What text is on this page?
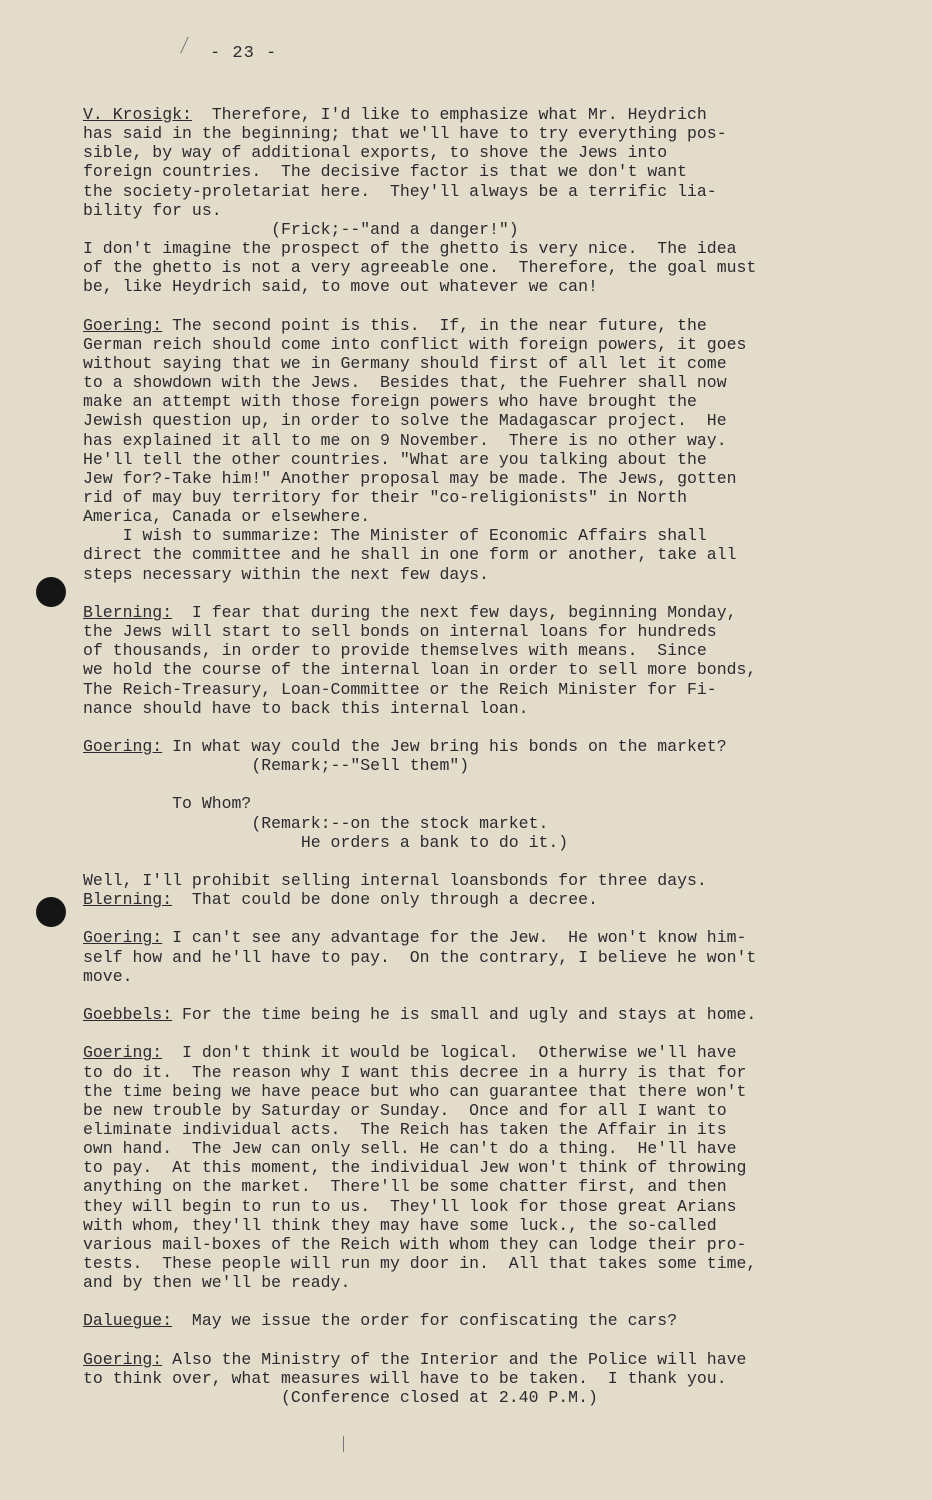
- 23 -
V. Krosigk:  Therefore, I'd like to emphasize what Mr. Heydrich
has said in the beginning; that we'll have to try everything pos-
sible, by way of additional exports, to shove the Jews into
foreign countries.  The decisive factor is that we don't want
the society-proletariat here.  They'll always be a terrific lia-
bility for us.
(Frick;--"and a danger!")
I don't imagine the prospect of the ghetto is very nice.  The idea
of the ghetto is not a very agreeable one.  Therefore, the goal must
be, like Heydrich said, to move out whatever we can!
Goering: The second point is this.  If, in the near future, the
German reich should come into conflict with foreign powers, it goes
without saying that we in Germany should first of all let it come
to a showdown with the Jews.  Besides that, the Fuehrer shall now
make an attempt with those foreign powers who have brought the
Jewish question up, in order to solve the Madagascar project.  He
has explained it all to me on 9 November.  There is no other way.
He'll tell the other countries. "What are you talking about the
Jew for?-Take him!" Another proposal may be made. The Jews, gotten
rid of may buy territory for their "co-religionists" in North
America, Canada or elsewhere.
I wish to summarize: The Minister of Economic Affairs shall
direct the committee and he shall in one form or another, take all
steps necessary within the next few days.
Blerning:  I fear that during the next few days, beginning Monday,
the Jews will start to sell bonds on internal loans for hundreds
of thousands, in order to provide themselves with means.  Since
we hold the course of the internal loan in order to sell more bonds,
The Reich-Treasury, Loan-Committee or the Reich Minister for Fi-
nance should have to back this internal loan.
Goering: In what way could the Jew bring his bonds on the market?
(Remark;--"Sell them")
To Whom?
(Remark:--on the stock market.
He orders a bank to do it.)
Well, I'll prohibit selling internal loansbonds for three days.
Blerning:  That could be done only through a decree.
Goering: I can't see any advantage for the Jew.  He won't know him-
self how and he'll have to pay.  On the contrary, I believe he won't
move.
Goebbels: For the time being he is small and ugly and stays at home.
Goering:  I don't think it would be logical.  Otherwise we'll have
to do it.  The reason why I want this decree in a hurry is that for
the time being we have peace but who can guarantee that there won't
be new trouble by Saturday or Sunday.  Once and for all I want to
eliminate individual acts.  The Reich has taken the Affair in its
own hand.  The Jew can only sell. He can't do a thing.  He'll have
to pay.  At this moment, the individual Jew won't think of throwing
anything on the market.  There'll be some chatter first, and then
they will begin to run to us.  They'll look for those great Arians
with whom, they'll think they may have some luck., the so-called
various mail-boxes of the Reich with whom they can lodge their pro-
tests.  These people will run my door in.  All that takes some time,
and by then we'll be ready.
Daluegue:  May we issue the order for confiscating the cars?
Goering: Also the Ministry of the Interior and the Police will have
to think over, what measures will have to be taken.  I thank you.
(Conference closed at 2.40 P.M.)
